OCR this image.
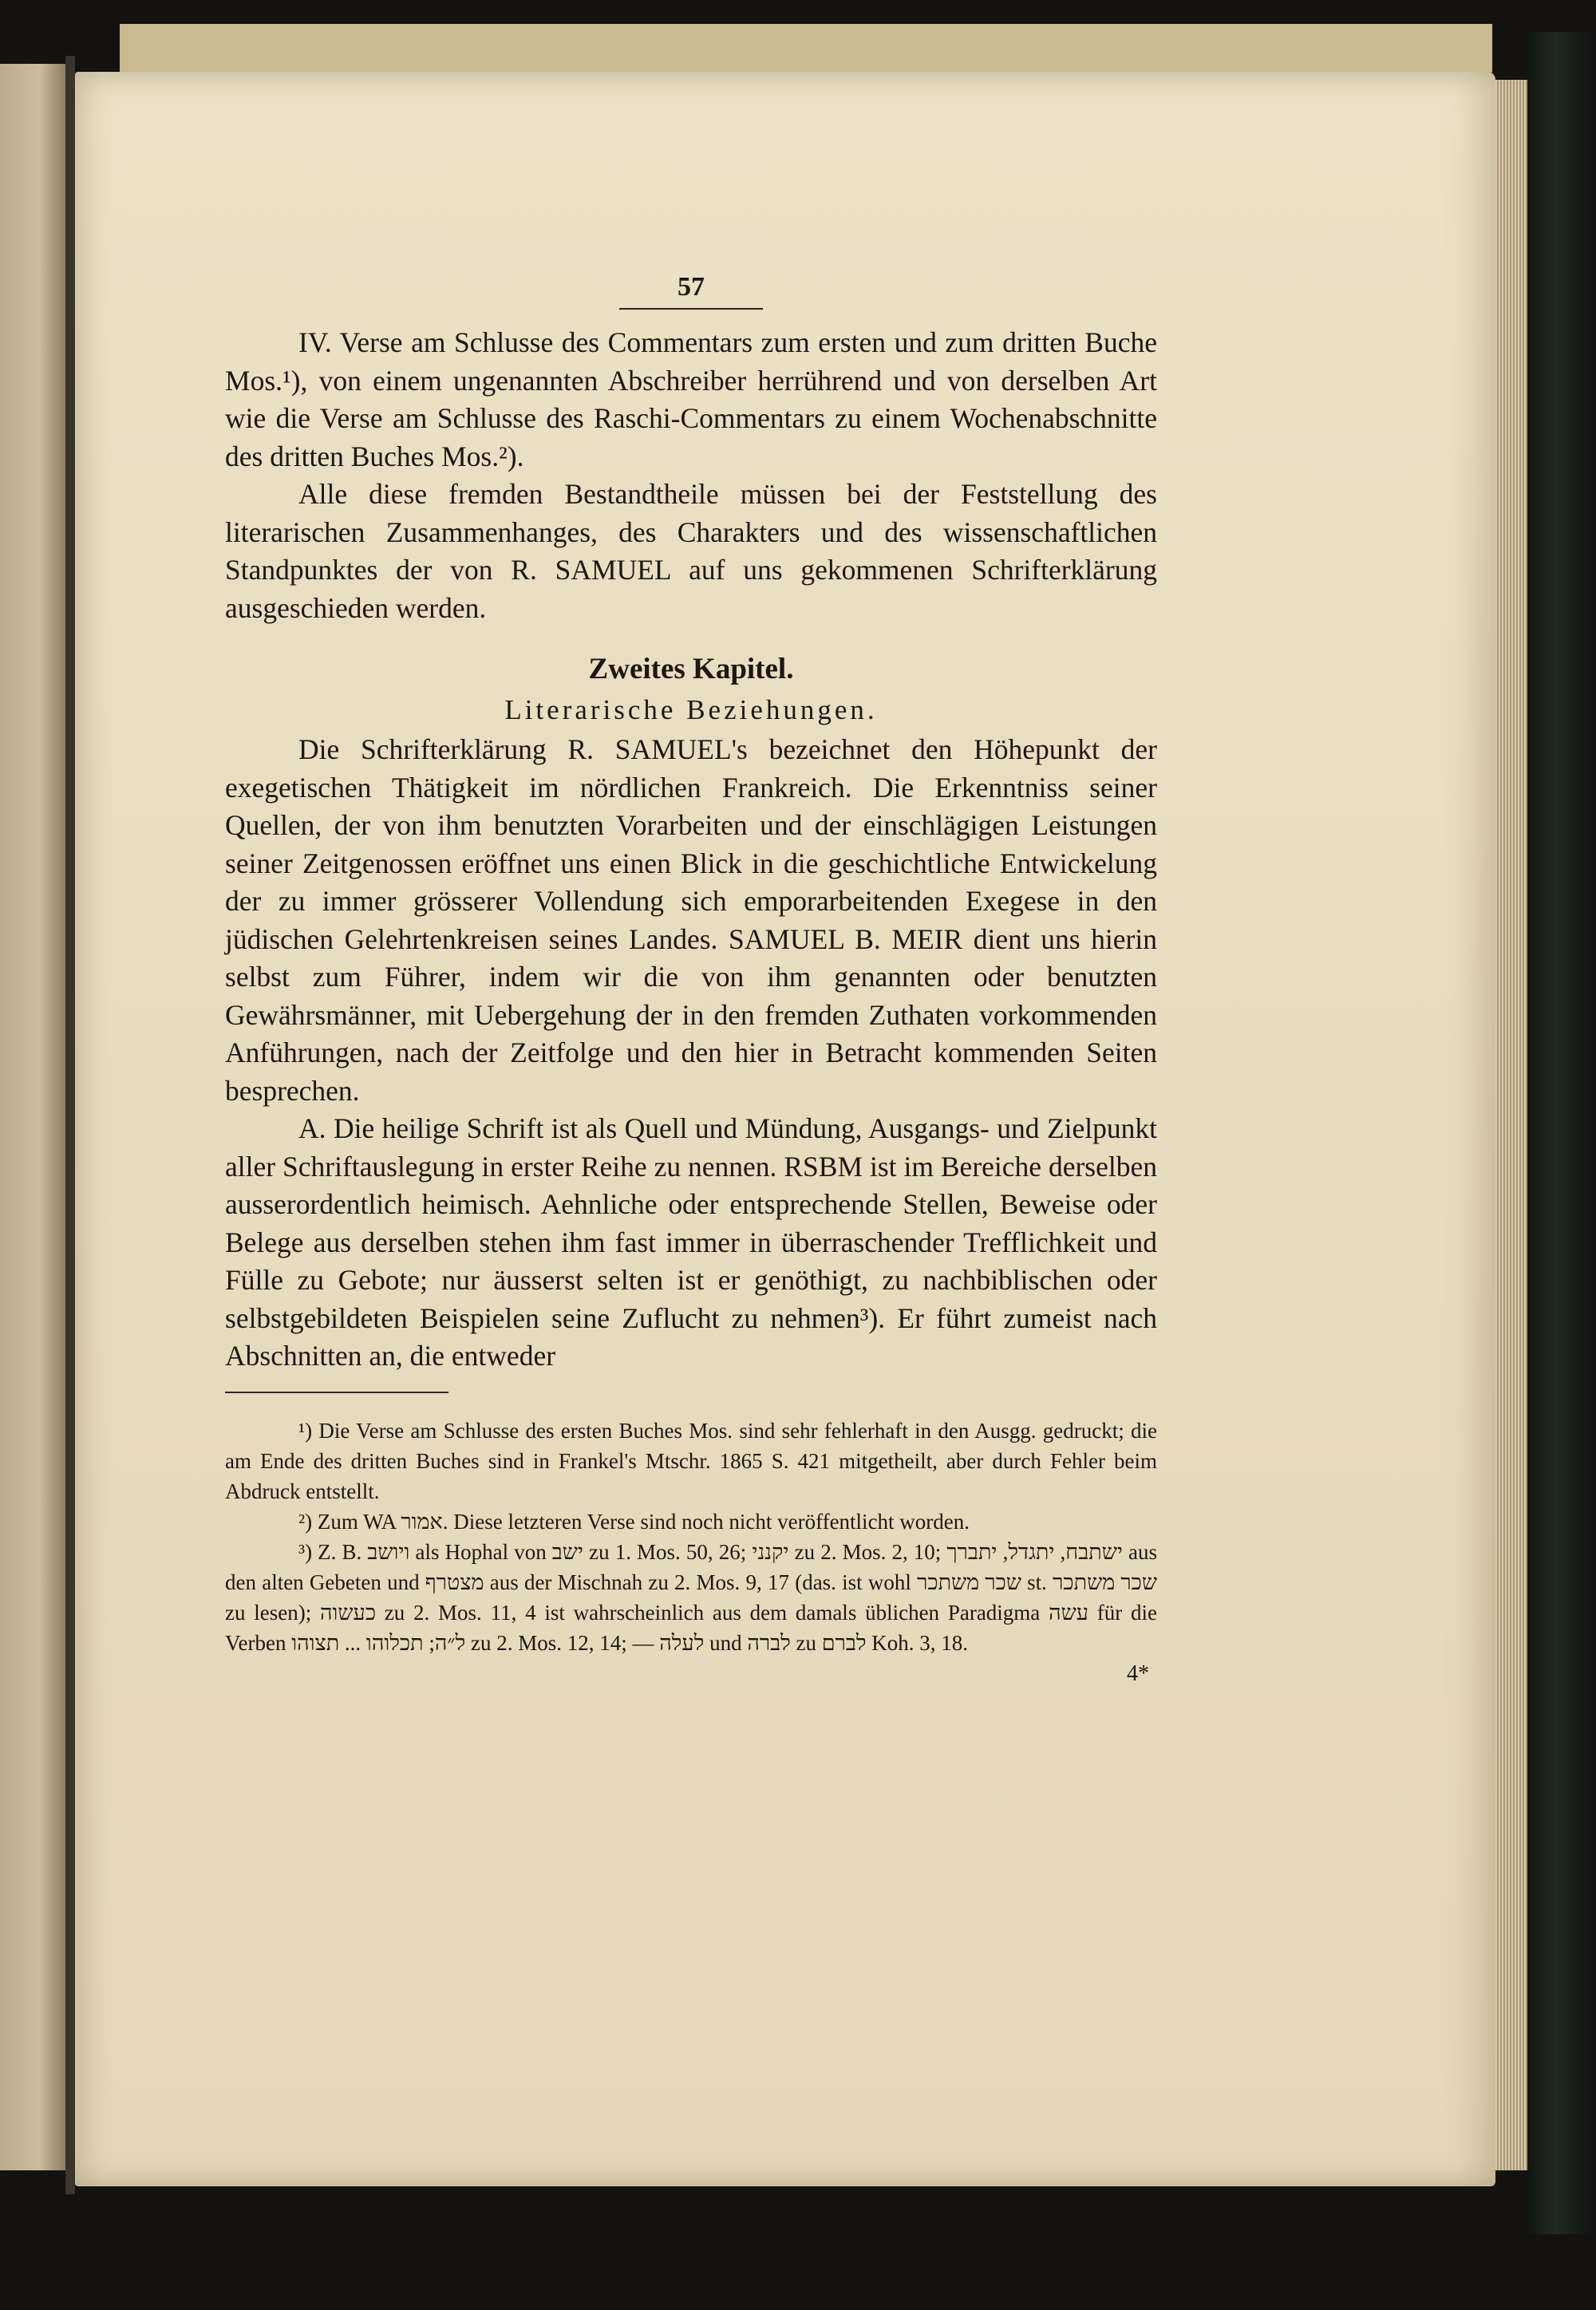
57

IV. Verse am Schlusse des Commentars zum ersten und zum dritten Buche Mos.¹), von einem ungenannten Abschreiber herrührend und von derselben Art wie die Verse am Schlusse des Raschi-Commentars zu einem Wochenabschnitte des dritten Buches Mos.²).

Alle diese fremden Bestandtheile müssen bei der Feststellung des literarischen Zusammenhanges, des Charakters und des wissenschaftlichen Standpunktes der von R. SAMUEL auf uns gekommenen Schrifterklärung ausgeschieden werden.

Zweites Kapitel.
Literarische Beziehungen.

Die Schrifterklärung R. SAMUEL's bezeichnet den Höhepunkt der exegetischen Thätigkeit im nördlichen Frankreich. Die Erkenntniss seiner Quellen, der von ihm benutzten Vorarbeiten und der einschlägigen Leistungen seiner Zeitgenossen eröffnet uns einen Blick in die geschichtliche Entwickelung der zu immer grösserer Vollendung sich emporarbeitenden Exegese in den jüdischen Gelehrtenkreisen seines Landes. SAMUEL B. MEIR dient uns hierin selbst zum Führer, indem wir die von ihm genannten oder benutzten Gewährsmänner, mit Uebergehung der in den fremden Zuthaten vorkommenden Anführungen, nach der Zeitfolge und den hier in Betracht kommenden Seiten besprechen.

A. Die heilige Schrift ist als Quell und Mündung, Ausgangs- und Zielpunkt aller Schriftauslegung in erster Reihe zu nennen. RSBM ist im Bereiche derselben ausserordentlich heimisch. Aehnliche oder entsprechende Stellen, Beweise oder Belege aus derselben stehen ihm fast immer in überraschender Trefflichkeit und Fülle zu Gebote; nur äusserst selten ist er genöthigt, zu nachbiblischen oder selbstgebildeten Beispielen seine Zuflucht zu nehmen³). Er führt zumeist nach Abschnitten an, die entweder

¹) Die Verse am Schlusse des ersten Buches Mos. sind sehr fehlerhaft in den Ausgg. gedruckt; die am Ende des dritten Buches sind in Frankel's Mtschr. 1865 S. 421 mitgetheilt, aber durch Fehler beim Abdruck entstellt.

²) Zum WA אמור. Diese letzteren Verse sind noch nicht veröffentlicht worden.

³) Z. B. ויושב als Hophal von ישב zu 1. Mos. 50, 26; יקנני zu 2. Mos. 2, 10; ישתבח, יתגדל, יתברך aus den alten Gebeten und מצטרף aus der Mischnah zu 2. Mos. 9, 17 (das. ist wohl שכר משתכר st. שכר משתכר zu lesen); כעשוה zu 2. Mos. 11, 4 ist wahrscheinlich aus dem damals üblichen Paradigma עשה für die Verben ל״ה; תכלוהו ... תצוהו zu 2. Mos. 12, 14; — לעלה und לברה zu לברם Koh. 3, 18.

4*
